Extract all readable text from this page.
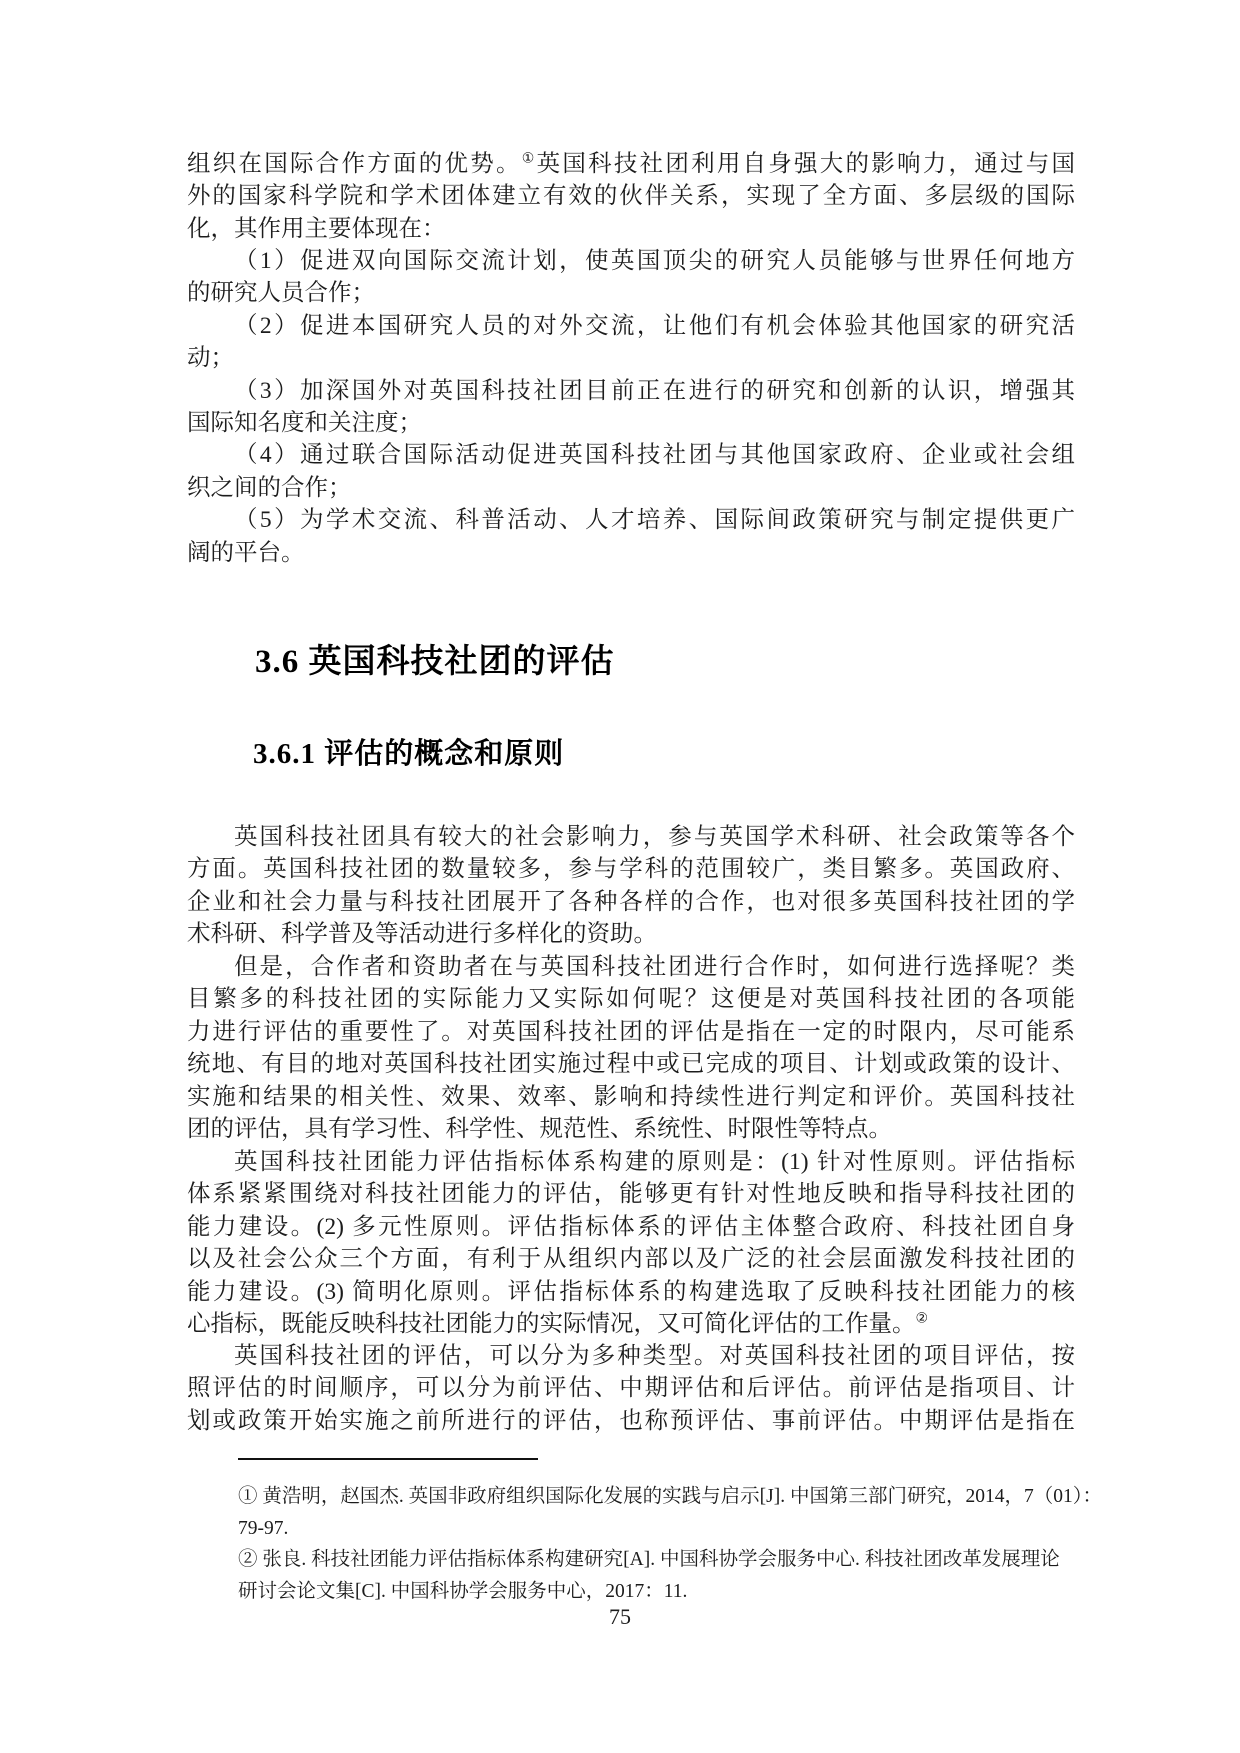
组织在国际合作方面的优势。①英国科技社团利用自身强大的影响力，通过与国
外的国家科学院和学术团体建立有效的伙伴关系，实现了全方面、多层级的国际
化，其作用主要体现在：
（1）促进双向国际交流计划，使英国顶尖的研究人员能够与世界任何地方
的研究人员合作；
（2）促进本国研究人员的对外交流，让他们有机会体验其他国家的研究活
动；
（3）加深国外对英国科技社团目前正在进行的研究和创新的认识，增强其
国际知名度和关注度；
（4）通过联合国际活动促进英国科技社团与其他国家政府、企业或社会组
织之间的合作；
（5）为学术交流、科普活动、人才培养、国际间政策研究与制定提供更广
阔的平台。
3.6 英国科技社团的评估
3.6.1 评估的概念和原则
英国科技社团具有较大的社会影响力，参与英国学术科研、社会政策等各个
方面。英国科技社团的数量较多，参与学科的范围较广，类目繁多。英国政府、
企业和社会力量与科技社团展开了各种各样的合作，也对很多英国科技社团的学
术科研、科学普及等活动进行多样化的资助。
但是，合作者和资助者在与英国科技社团进行合作时，如何进行选择呢？类
目繁多的科技社团的实际能力又实际如何呢？这便是对英国科技社团的各项能
力进行评估的重要性了。对英国科技社团的评估是指在一定的时限内，尽可能系
统地、有目的地对英国科技社团实施过程中或已完成的项目、计划或政策的设计、
实施和结果的相关性、效果、效率、影响和持续性进行判定和评价。英国科技社
团的评估，具有学习性、科学性、规范性、系统性、时限性等特点。
英国科技社团能力评估指标体系构建的原则是：(1) 针对性原则。评估指标
体系紧紧围绕对科技社团能力的评估，能够更有针对性地反映和指导科技社团的
能力建设。(2) 多元性原则。评估指标体系的评估主体整合政府、科技社团自身
以及社会公众三个方面，有利于从组织内部以及广泛的社会层面激发科技社团的
能力建设。(3) 简明化原则。评估指标体系的构建选取了反映科技社团能力的核
心指标，既能反映科技社团能力的实际情况，又可简化评估的工作量。②
英国科技社团的评估，可以分为多种类型。对英国科技社团的项目评估，按
照评估的时间顺序，可以分为前评估、中期评估和后评估。前评估是指项目、计
划或政策开始实施之前所进行的评估，也称预评估、事前评估。中期评估是指在
① 黄浩明，赵国杰. 英国非政府组织国际化发展的实践与启示[J]. 中国第三部门研究，2014，7（01）：
79-97.
② 张良. 科技社团能力评估指标体系构建研究[A]. 中国科协学会服务中心. 科技社团改革发展理论
研讨会论文集[C]. 中国科协学会服务中心，2017：11.
75
